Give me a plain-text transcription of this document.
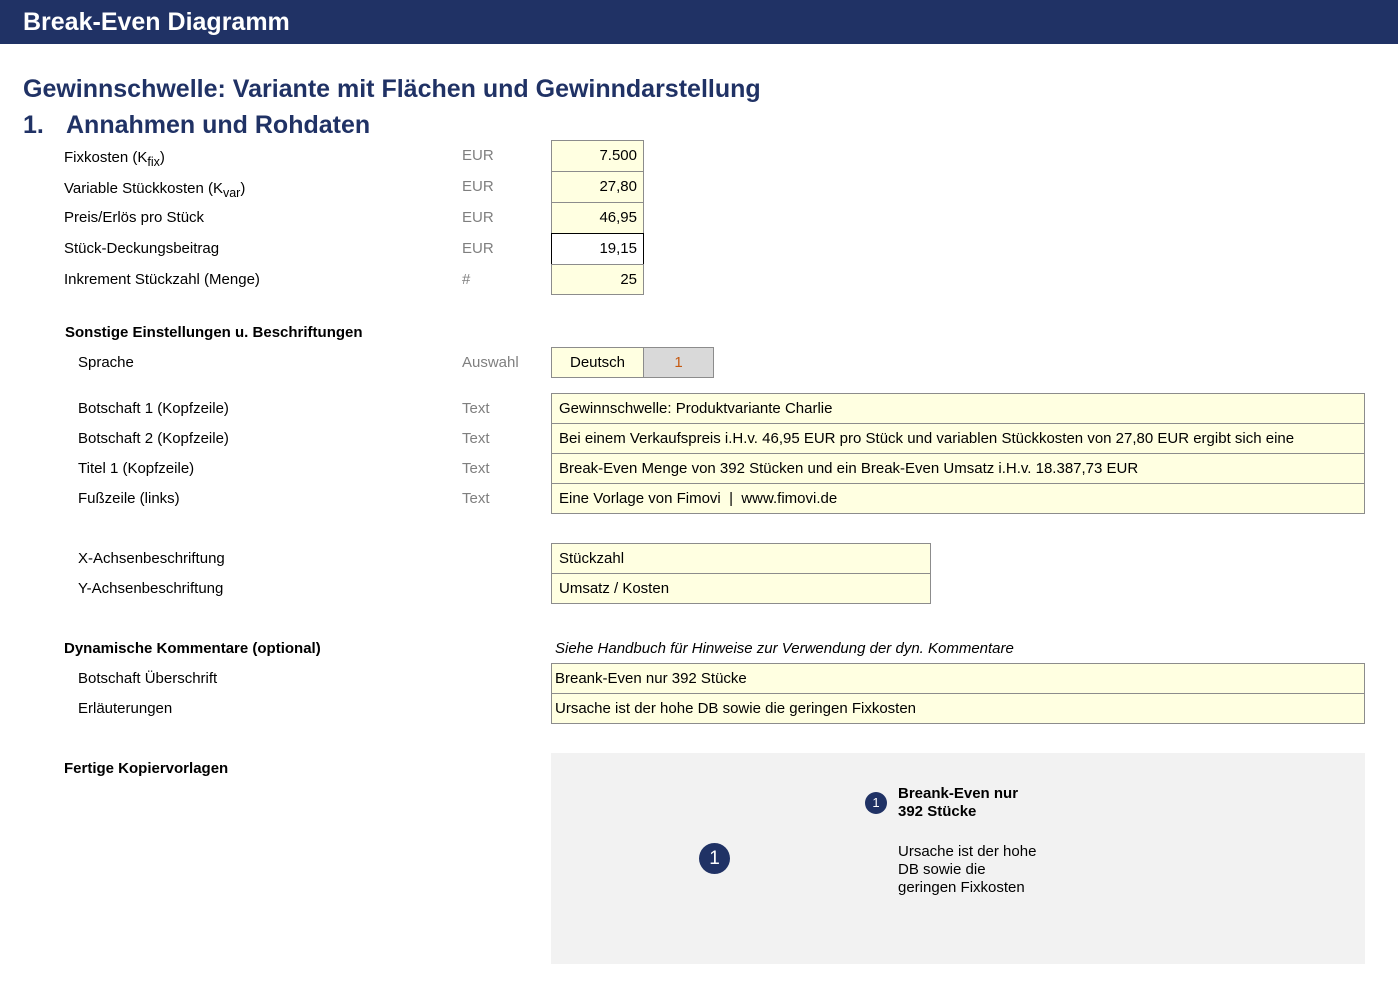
Break-Even Diagramm
Gewinnschwelle: Variante mit Flächen und Gewinndarstellung
1. Annahmen und Rohdaten
Fixkosten $(K_{fix})$	EUR	7.500
Variable Stückkosten $(K_{var})$	EUR	27,80
Preis/Erlös pro Stück	EUR	46,95
Stück-Deckungsbeitrag	EUR	19,15
Inkrement Stückzahl (Menge)	#	25
Sonstige Einstellungen u. Beschriftungen
Sprache	Auswahl	Deutsch	1
Botschaft 1 (Kopfzeile)	Text	Gewinnschwelle: Produktvariante Charlie
Botschaft 2 (Kopfzeile)	Text	Bei einem Verkaufspreis i.H.v. 46,95 EUR pro Stück und variablen Stückkosten von 27,80 EUR ergibt sich eine
Titel 1 (Kopfzeile)	Text	Break-Even Menge von 392 Stücken und ein Break-Even Umsatz i.H.v. 18.387,73 EUR
Fußzeile (links)	Text	Eine Vorlage von Fimovi  |  www.fimovi.de
X-Achsenbeschriftung	Stückzahl
Y-Achsenbeschriftung	Umsatz / Kosten
Dynamische Kommentare (optional)	Siehe Handbuch für Hinweise zur Verwendung der dyn. Kommentare
Botschaft Überschrift	Breank-Even nur 392 Stücke
Erläuterungen	Ursache ist der hohe DB sowie die geringen Fixkosten
Fertige Kopiervorlagen
1
1
Breank-Even nur
392 Stücke
Ursache ist der hohe
DB sowie die
geringen Fixkosten
